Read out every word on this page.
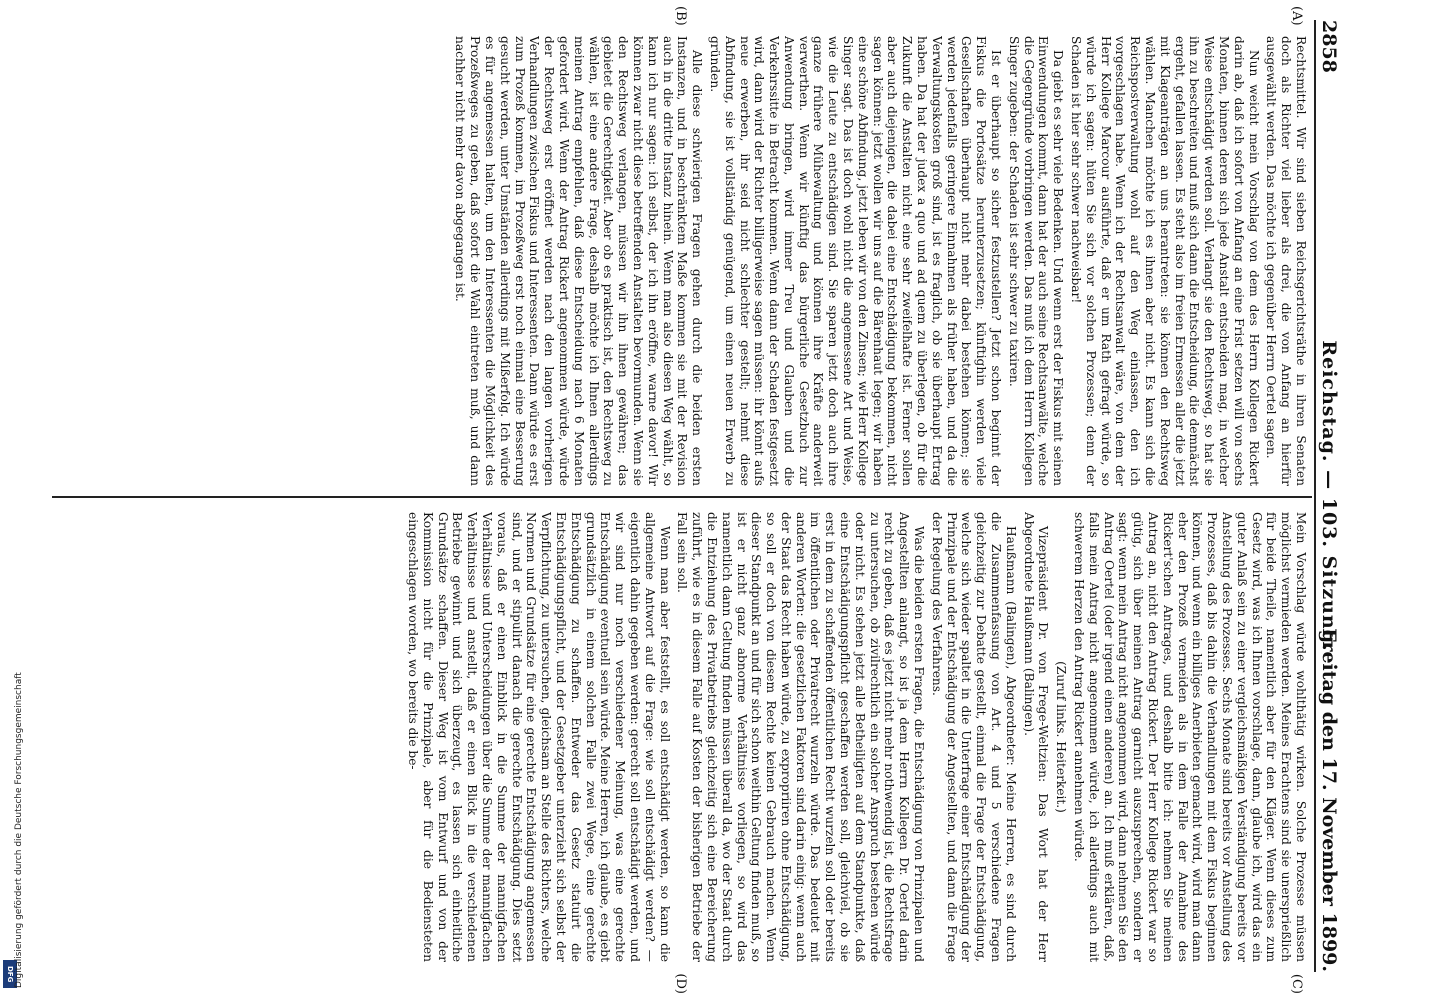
2858
Reichstag. — 103. Sitzung.
Freitag den 17. November 1899.
(A)
(B)
(C)
(D)

Rechtsmittel. Wir sind sieben Reichsgerichtsräthe in ihren Senaten doch als Richter viel lieber als drei, die von Anfang an hierfür ausgewählt werden. Das möchte ich gegenüber Herrn Oertel sagen.

Nun weicht mein Vorschlag von dem des Herrn Kollegen Rickert darin ab, daß ich sofort von Anfang an eine Frist setzen will von sechs Monaten, binnen deren sich jede Anstalt entscheiden mag, in welcher Weise entschädigt werden soll. Verlangt sie den Rechtsweg, so hat sie ihn zu beschreiten und muß sich dann die Entscheidung, die demnächst ergeht, gefallen lassen. Es steht also im freien Ermessen aller die jetzt mit Klageanträgen an uns herantreten: sie können den Rechtsweg wählen. Manchen möchte ich es ihnen aber nicht. Es kann sich die Reichspostverwaltung wohl auf den Weg einlassen, den ich vorgeschlagen habe. Wenn ich der Rechtsanwalt wäre, von dem der Herr Kollege Marcour ausführte, daß er um Rath gefragt würde, so würde ich sagen: hüten Sie sich vor solchen Prozessen; denn der Schaden ist hier sehr schwer nachweisbar!

Da giebt es sehr viele Bedenken. Und wenn erst der Fiskus mit seinen Einwendungen kommt, dann hat der auch seine Rechtsanwälte, welche die Gegengründe vorbringen werden. Das muß ich dem Herrn Kollegen Singer zugeben: der Schaden ist sehr schwer zu taxiren.

Ist er überhaupt so sicher festzustellen? Jetzt schon beginnt der Fiskus die Portosätze herunterzusetzen; künftighin werden viele Gesellschaften überhaupt nicht mehr dabei bestehen können; sie werden jedenfalls geringere Einnahmen als früher haben, und da die Verwaltungskosten groß sind, ist es fraglich, ob sie überhaupt Ertrag haben. Da hat der judex a quo und ad quem zu überlegen, ob für die Zukunft die Anstalten nicht eine sehr zweifelhafte ist. Ferner sollen aber auch diejenigen, die dabei eine Entschädigung bekommen, nicht sagen können: jetzt wollen wir uns auf die Bärenhaut legen; wir haben eine schöne Abfindung, jetzt leben wir von den Zinsen; wie Herr Kollege Singer sagt. Das ist doch wohl nicht die angemessene Art und Weise, wie die Leute zu entschädigen sind. Sie sparen jetzt doch auch ihre ganze frühere Mühewaltung und können ihre Kräfte anderweit verwerthen. Wenn wir künftig das bürgerliche Gesetzbuch zur Anwendung bringen, wird immer Treu und Glauben und die Verkehrssitte in Betracht kommen. Wenn dann der Schaden festgesetzt wird, dann wird der Richter billigerweise sagen müssen: ihr könnt aufs neue erwerben, ihr seid nicht schlechter gestellt; nehmt diese Abfindung, sie ist vollständig genügend, um einen neuen Erwerb zu gründen.

Alle diese schwierigen Fragen gehen durch die beiden ersten Instanzen, und in beschränktem Maße kommen sie mit der Revision auch in die dritte Instanz hinein. Wenn man also diesen Weg wählt, so kann ich nur sagen: ich selbst, der ich ihn eröffne, warne davor! Wir können zwar nicht diese betreffenden Anstalten bevormunden. Wenn sie den Rechtsweg verlangen, müssen wir ihn ihnen gewähren; das gebietet die Gerechtigkeit. Aber ob es praktisch ist, den Rechtsweg zu wählen, ist eine andere Frage, deshalb möchte ich Ihnen allerdings meinen Antrag empfehlen, daß diese Entscheidung nach 6 Monaten gefordert wird. Wenn der Antrag Rickert angenommen würde, würde der Rechtsweg erst eröffnet werden nach den langen vorherigen Verhandlungen zwischen Fiskus und Interessenten. Dann würde es erst zum Prozeß kommen, im Prozeßweg erst noch einmal eine Besserung gesucht werden, unter Umständen allerdings mit Mißerfolg. Ich würde es für angemessen halten, um den Interessenten die Möglichkeit des Prozeßweges zu geben, daß sofort die Wahl eintreten muß, und dann nachher nicht mehr davon abgegangen ist.

Mein Vorschlag würde wohlthätig wirken. Solche Prozesse müssen möglichst vermieden werden. Meines Erachtens sind sie unersprießlich für beide Theile, namentlich aber für den Kläger. Wenn dieses zum Gesetz wird, was ich Ihnen vorschlage, dann, glaube ich, wird das ein guter Anlaß sein zu einer vergleichsmäßigen Verständigung bereits vor Anstellung des Prozesses. Sechs Monate sind bereits vor Anstellung des Prozesses, daß bis dahin die Verhandlungen mit dem Fiskus beginnen können, und wenn ein billiges Anerbieten gemacht wird, wird man dann eher den Prozeß vermeiden als in dem Falle der Annahme des Rickert'schen Antrages, und deshalb bitte ich: nehmen Sie meinen Antrag an, nicht den Antrag Rickert. Der Herr Kollege Rickert war so gütig, sich über meinen Antrag garnicht auszusprechen, sondern er sagt: wenn mein Antrag nicht angenommen wird, dann nehmen Sie den Antrag Oertel (oder irgend einen anderen) an. Ich muß erklären, daß, falls mein Antrag nicht angenommen würde, ich allerdings auch mit schwerem Herzen den Antrag Rickert annehmen würde.

(Zuruf links. Heiterkeit.)

Vizepräsident Dr. von Frege-Weltzien: Das Wort hat der Herr Abgeordnete Haußmann (Balingen).

Haußmann (Balingen), Abgeordneter: Meine Herren, es sind durch die Zusammenfassung von Art. 4 und 5 verschiedene Fragen gleichzeitig zur Debatte gestellt, einmal die Frage der Entschädigung, welche sich wieder spaltet in die Unterfrage einer Entschädigung der Prinzipale und der Entschädigung der Angestellten, und dann die Frage der Regelung des Verfahrens.

Was die beiden ersten Fragen, die Entschädigung von Prinzipalen und Angestellten anlangt, so ist ja dem Herrn Kollegen Dr. Oertel darin recht zu geben, daß es jetzt nicht mehr nothwendig ist, die Rechtsfrage zu untersuchen, ob zivilrechtlich ein solcher Anspruch bestehen würde oder nicht. Es stehen jetzt alle Betheiligten auf dem Standpunkte, daß eine Entschädigungspflicht geschaffen werden soll, gleichviel, ob sie erst in dem zu schaffenden öffentlichen Recht wurzeln soll oder bereits im öffentlichen oder Privatrecht wurzeln würde. Das bedeutet mit anderen Worten: die gesetzlichen Faktoren sind darin einig: wenn auch der Staat das Recht haben würde, zu expropriiren ohne Entschädigung, so soll er doch von diesem Rechte keinen Gebrauch machen. Wenn dieser Standpunkt an und für sich schon weithin Geltung finden muß, so ist er nicht ganz abnorme Verhältnisse vorliegen, so wird das namentlich dann Geltung finden müssen überall da, wo der Staat durch die Entziehung des Privatbetriebs gleichzeitig sich eine Bereicherung zuführt, wie es in diesem Falle auf Kosten der bisherigen Betriebe der Fall sein soll.

Wenn man aber feststellt, es soll entschädigt werden, so kann die allgemeine Antwort auf die Frage: wie soll entschädigt werden? — eigentlich dahin gegeben werden: gerecht soll entschädigt werden, und wir sind nur noch verschiedener Meinung, was eine gerechte Entschädigung eventuell sein würde. Meine Herren, ich glaube, es giebt grundsätzlich in einem solchen Falle zwei Wege, eine gerechte Entschädigung zu schaffen. Entweder das Gesetz statuirt die Entschädigungspflicht, und der Gesetzgeber unterzieht sich selbst der Verpflichtung, zu untersuchen, gleichsam an Stelle des Richters, welche Normen und Grundsätze für eine gerechte Entschädigung angemessen sind, und er stipulirt danach die gerechte Entschädigung. Dies setzt voraus, daß er einen Einblick in die Summe der mannigfachen Verhältnisse und Unterscheidungen über die Summe der mannigfachen Verhältnisse und anstellt, daß er einen Blick in die verschiedenen Betriebe gewinnt und sich überzeugt, es lassen sich einheitliche Grundsätze schaffen. Dieser Weg ist vom Entwurf und von der Kommission nicht für die Prinzipale, aber für die Bediensteten eingeschlagen worden, wo bereits die be-

DFG Digitalisierung gefördert durch die Deutsche Forschungsgemeinschaft
